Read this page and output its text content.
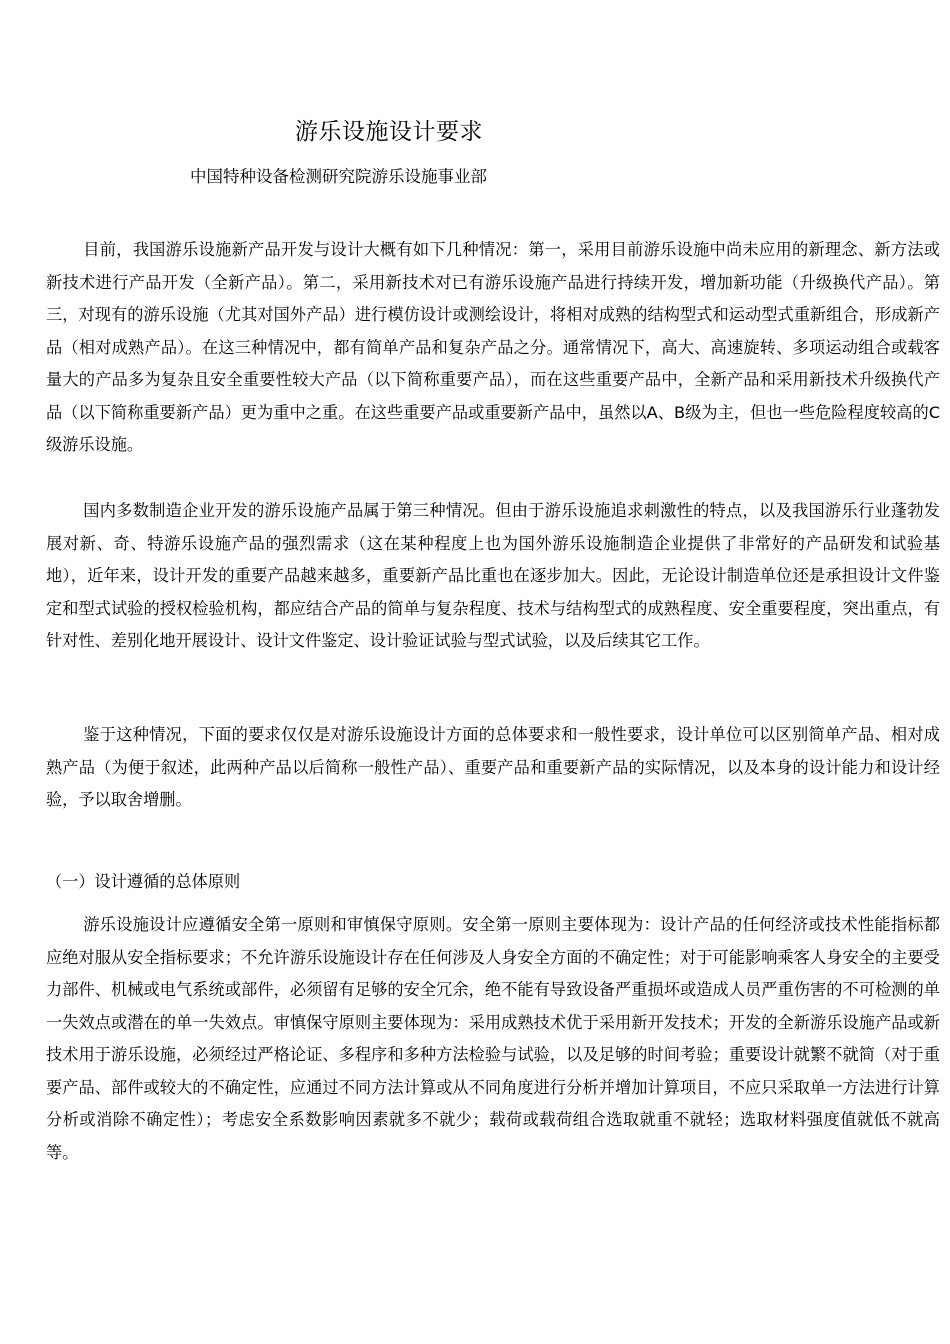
游乐设施设计要求
中国特种设备检测研究院游乐设施事业部

目前，我国游乐设施新产品开发与设计大概有如下几种情况：第一，采用目前游乐设施中尚未应用的新理念、新方法或新技术进行产品开发（全新产品）。第二，采用新技术对已有游乐设施产品进行持续开发，增加新功能（升级换代产品）。第三，对现有的游乐设施（尤其对国外产品）进行模仿设计或测绘设计，将相对成熟的结构型式和运动型式重新组合，形成新产品（相对成熟产品）。在这三种情况中，都有简单产品和复杂产品之分。通常情况下，高大、高速旋转、多项运动组合或载客量大的产品多为复杂且安全重要性较大产品（以下简称重要产品），而在这些重要产品中，全新产品和采用新技术升级换代产品（以下简称重要新产品）更为重中之重。在这些重要产品或重要新产品中，虽然以A、B级为主，但也一些危险程度较高的C级游乐设施。

国内多数制造企业开发的游乐设施产品属于第三种情况。但由于游乐设施追求刺激性的特点，以及我国游乐行业蓬勃发展对新、奇、特游乐设施产品的强烈需求（这在某种程度上也为国外游乐设施制造企业提供了非常好的产品研发和试验基地），近年来，设计开发的重要产品越来越多，重要新产品比重也在逐步加大。因此，无论设计制造单位还是承担设计文件鉴定和型式试验的授权检验机构，都应结合产品的简单与复杂程度、技术与结构型式的成熟程度、安全重要程度，突出重点，有针对性、差别化地开展设计、设计文件鉴定、设计验证试验与型式试验，以及后续其它工作。

鉴于这种情况，下面的要求仅仅是对游乐设施设计方面的总体要求和一般性要求，设计单位可以区别简单产品、相对成熟产品（为便于叙述，此两种产品以后简称一般性产品）、重要产品和重要新产品的实际情况，以及本身的设计能力和设计经验，予以取舍增删。

（一）设计遵循的总体原则

游乐设施设计应遵循安全第一原则和审慎保守原则。安全第一原则主要体现为：设计产品的任何经济或技术性能指标都应绝对服从安全指标要求；不允许游乐设施设计存在任何涉及人身安全方面的不确定性；对于可能影响乘客人身安全的主要受力部件、机械或电气系统或部件，必须留有足够的安全冗余，绝不能有导致设备严重损坏或造成人员严重伤害的不可检测的单一失效点或潜在的单一失效点。审慎保守原则主要体现为：采用成熟技术优于采用新开发技术；开发的全新游乐设施产品或新技术用于游乐设施，必须经过严格论证、多程序和多种方法检验与试验，以及足够的时间考验；重要设计就繁不就简（对于重要产品、部件或较大的不确定性，应通过不同方法计算或从不同角度进行分析并增加计算项目，不应只采取单一方法进行计算分析或消除不确定性）；考虑安全系数影响因素就多不就少；载荷或载荷组合选取就重不就轻；选取材料强度值就低不就高等。
